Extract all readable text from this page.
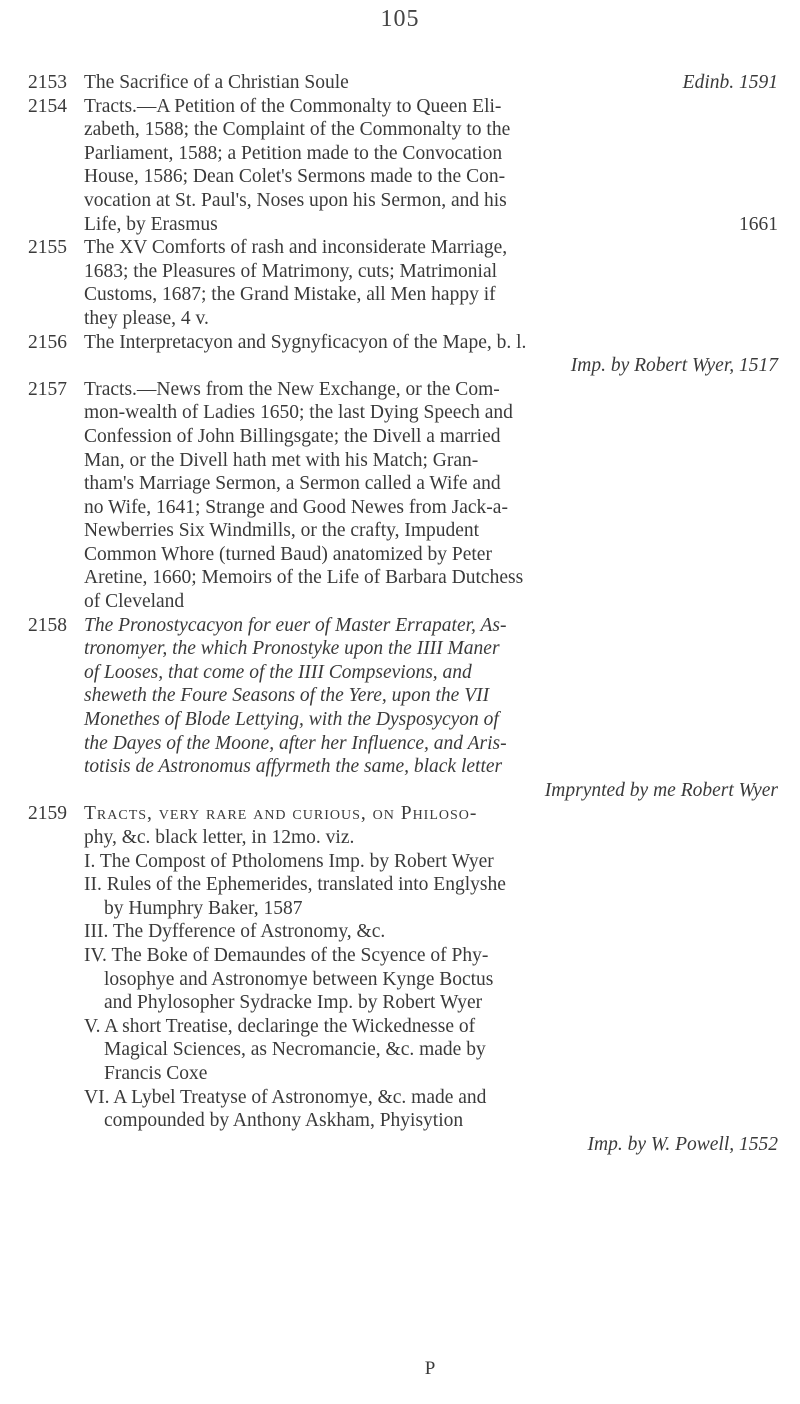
105
2153 The Sacrifice of a Christian Soule	Edinb. 1591
2154 Tracts.—A Petition of the Commonalty to Queen Eli-
zabeth, 1588; the Complaint of the Commonalty to the
Parliament, 1588; a Petition made to the Convocation
House, 1586; Dean Colet's Sermons made to the Con-
vocation at St. Paul's, Noses upon his Sermon, and his
Life, by Erasmus	1661
2155 The XV Comforts of rash and inconsiderate Marriage,
1683; the Pleasures of Matrimony, cuts; Matrimonial
Customs, 1687; the Grand Mistake, all Men happy if
they please, 4 v.
2156 The Interpretacyon and Sygnyficacyon of the Mape, b. l.
Imp. by Robert Wyer, 1517
2157 Tracts.—News from the New Exchange, or the Com-
mon-wealth of Ladies 1650; the last Dying Speech and
Confession of John Billingsgate; the Divell a married
Man, or the Divell hath met with his Match; Gran-
tham's Marriage Sermon, a Sermon called a Wife and
no Wife, 1641; Strange and Good Newes from Jack-a-
Newberries Six Windmills, or the crafty, Impudent
Common Whore (turned Baud) anatomized by Peter
Aretine, 1660; Memoirs of the Life of Barbara Dutchess
of Cleveland
2158 The Pronostycacyon for euer of Master Errapater, As-
tronomyer, the which Pronostyke upon the IIII Maner
of Looses, that come of the IIII Compsevions, and
sheweth the Foure Seasons of the Yere, upon the VII
Monethes of Blode Lettying, with the Dysposycyon of
the Dayes of the Moone, after her Influence, and Aris-
totisis de Astronomus affyrmeth the same, black letter
Imprynted by me Robert Wyer
2159 Tracts, very rare and curious, on Philoso-
phy, &c. black letter, in 12mo. viz.
I. The Compost of Ptholomens Imp. by Robert Wyer
II. Rules of the Ephemerides, translated into Englyshe
by Humphry Baker, 1587
III. The Dyfference of Astronomy, &c.
IV. The Boke of Demaundes of the Scyence of Phy-
losophye and Astronomye between Kynge Boctus
and Phylosopher Sydracke Imp. by Robert Wyer
V. A short Treatise, declaringe the Wickednesse of
Magical Sciences, as Necromancie, &c. made by
Francis Coxe
VI. A Lybel Treatyse of Astronomye, &c. made and
compounded by Anthony Askham, Phyisytion
Imp. by W. Powell, 1552
P
